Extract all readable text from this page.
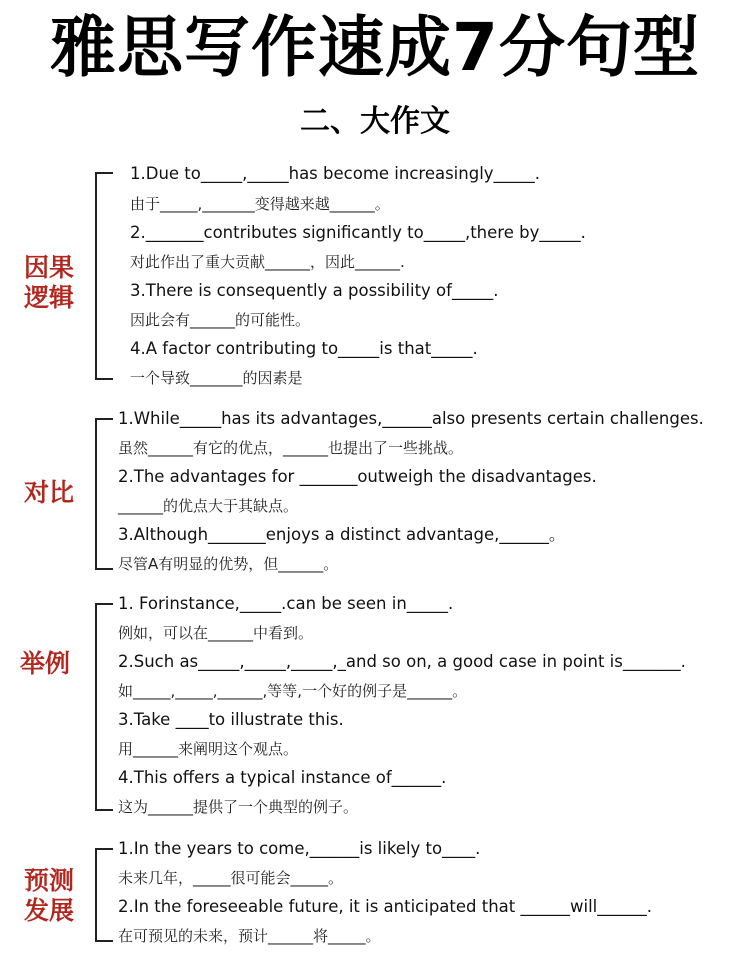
雅思写作速成7分句型
二、大作文
因果
逻辑
1.Due to_____,_____has become increasingly_____.
由于_____,_______变得越来越______。
2._______contributes significantly to_____,there by_____.
对此作出了重大贡献______，因此______.
3.There is consequently a possibility of_____.
因此会有______的可能性。
4.A factor contributing to_____is that_____.
一个导致_______的因素是
对比
1.While_____has its advantages,______also presents certain challenges.
虽然______有它的优点，______也提出了一些挑战。
2.The advantages for _______outweigh the disadvantages.
______的优点大于其缺点。
3.Although_______enjoys a distinct advantage,______。
尽管A有明显的优势，但______。
举例
1. Forinstance,_____.can be seen in_____.
例如，可以在______中看到。
2.Such as_____,_____,_____,_and so on, a good case in point is_______.
如_____,_____,______,等等,一个好的例子是______。
3.Take ____to illustrate this.
用______来阐明这个观点。
4.This offers a typical instance of______.
这为______提供了一个典型的例子。
预测
发展
1.In the years to come,______is likely to____.
未来几年，_____很可能会_____。
2.In the foreseeable future, it is anticipated that ______will______.
在可预见的未来，预计______将_____。
